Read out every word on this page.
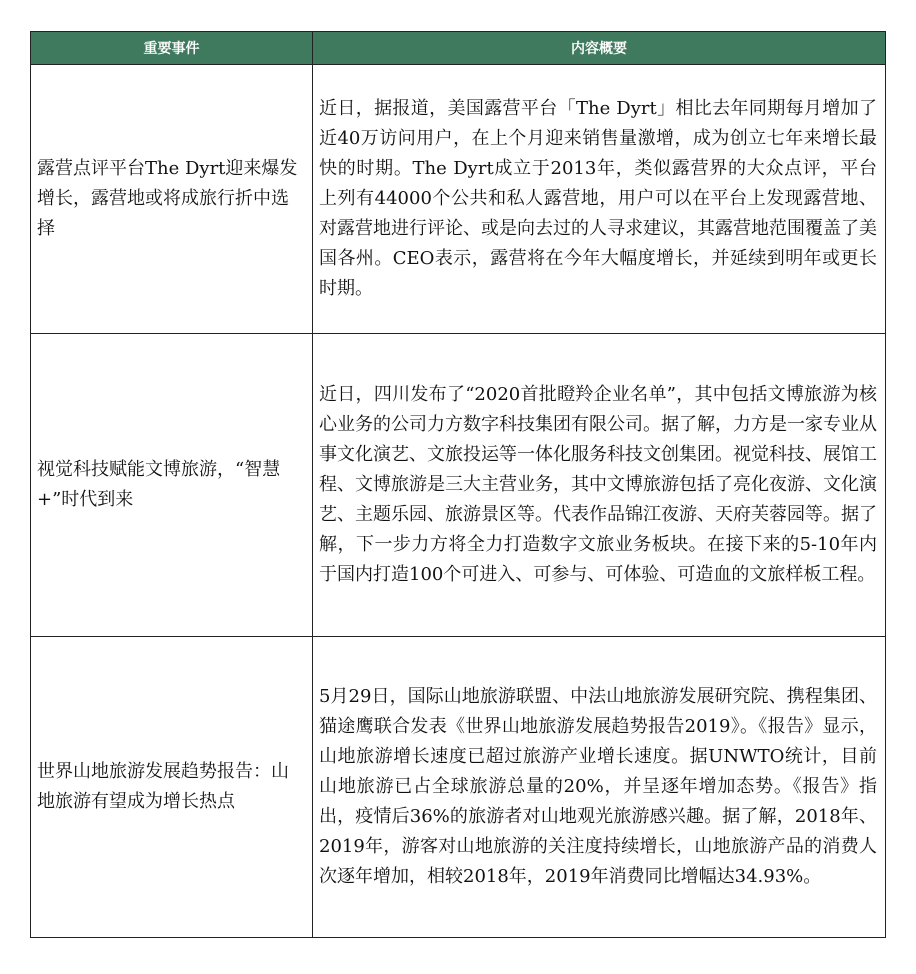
重要事件	内容概要
露营点评平台The Dyrt迎来爆发增长，露营地或将成旅行折中选择	近日，据报道，美国露营平台「The Dyrt」相比去年同期每月增加了近40万访问用户，在上个月迎来销售量激增，成为创立七年来增长最快的时期。The Dyrt成立于2013年，类似露营界的大众点评，平台上列有44000个公共和私人露营地，用户可以在平台上发现露营地、对露营地进行评论、或是向去过的人寻求建议，其露营地范围覆盖了美国各州。CEO表示，露营将在今年大幅度增长，并延续到明年或更长时期。
视觉科技赋能文博旅游，“智慧+”时代到来	近日，四川发布了“2020首批瞪羚企业名单”，其中包括文博旅游为核心业务的公司力方数字科技集团有限公司。据了解，力方是一家专业从事文化演艺、文旅投运等一体化服务科技文创集团。视觉科技、展馆工程、文博旅游是三大主营业务，其中文博旅游包括了亮化夜游、文化演艺、主题乐园、旅游景区等。代表作品锦江夜游、天府芙蓉园等。据了解，下一步力方将全力打造数字文旅业务板块。在接下来的5-10年内于国内打造100个可进入、可参与、可体验、可造血的文旅样板工程。
世界山地旅游发展趋势报告：山地旅游有望成为增长热点	5月29日，国际山地旅游联盟、中法山地旅游发展研究院、携程集团、猫途鹰联合发表《世界山地旅游发展趋势报告2019》。《报告》显示，山地旅游增长速度已超过旅游产业增长速度。据UNWTO统计，目前山地旅游已占全球旅游总量的20%，并呈逐年增加态势。《报告》指出，疫情后36%的旅游者对山地观光旅游感兴趣。据了解，2018年、2019年，游客对山地旅游的关注度持续增长，山地旅游产品的消费人次逐年增加，相较2018年，2019年消费同比增幅达34.93%。
